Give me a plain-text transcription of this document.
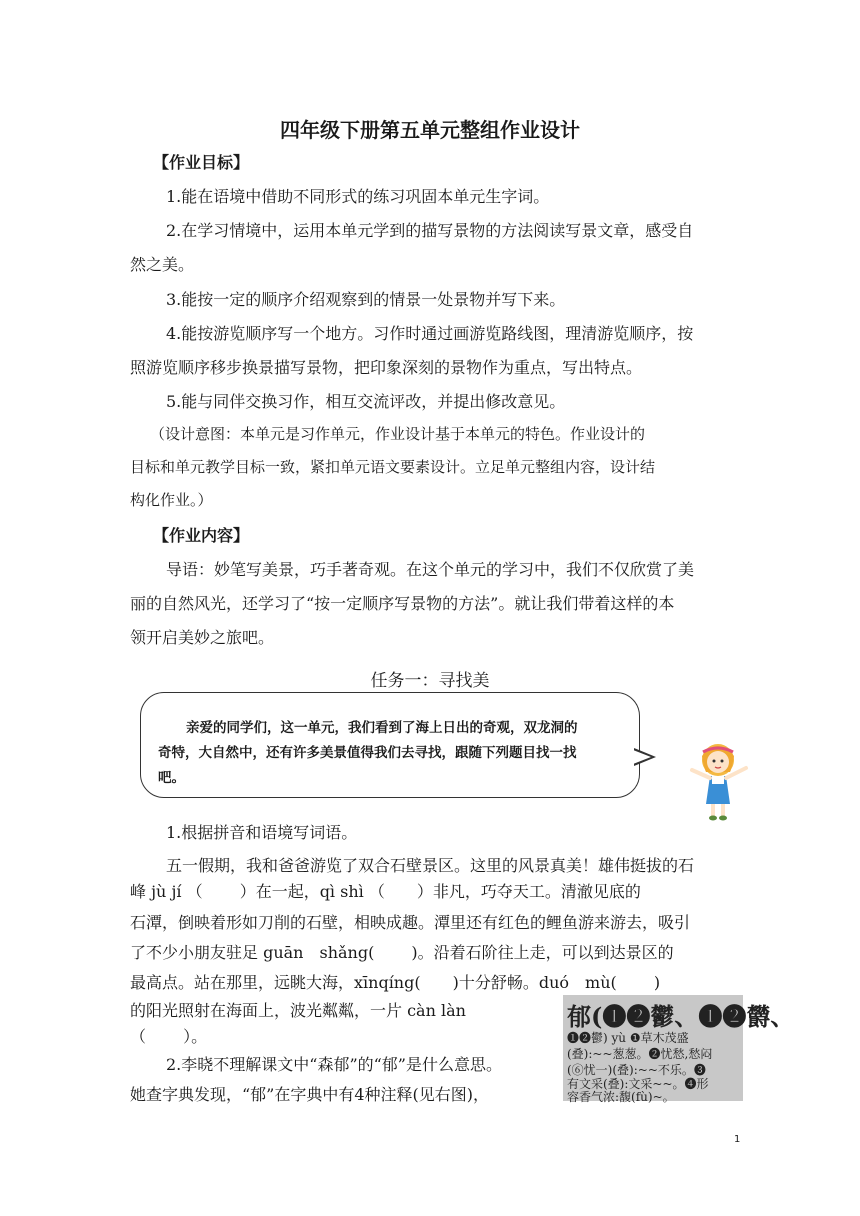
四年级下册第五单元整组作业设计
【作业目标】
1.能在语境中借助不同形式的练习巩固本单元生字词。
2.在学习情境中，运用本单元学到的描写景物的方法阅读写景文章，感受自
然之美。
3.能按一定的顺序介绍观察到的情景一处景物并写下来。
4.能按游览顺序写一个地方。习作时通过画游览路线图，理清游览顺序，按
照游览顺序移步换景描写景物，把印象深刻的景物作为重点，写出特点。
5.能与同伴交换习作，相互交流评改，并提出修改意见。
（设计意图：本单元是习作单元，作业设计基于本单元的特色。作业设计的
目标和单元教学目标一致，紧扣单元语文要素设计。立足单元整组内容，设计结
构化作业。）
【作业内容】
导语：妙笔写美景，巧手著奇观。在这个单元的学习中，我们不仅欣赏了美
丽的自然风光，还学习了“按一定顺序写景物的方法”。就让我们带着这样的本
领开启美妙之旅吧。
任务一：寻找美
亲爱的同学们，这一单元，我们看到了海上日出的奇观，双龙洞的
奇特，大自然中，还有许多美景值得我们去寻找，跟随下列题目找一找
吧。
1.根据拼音和语境写词语。
五一假期，我和爸爸游览了双合石壁景区。这里的风景真美！雄伟挺拔的石
峰 jù jí （　　 ）在一起，qì shì （　　）非凡，巧夺天工。清澈见底的
石潭，倒映着形如刀削的石壁，相映成趣。潭里还有红色的鲤鱼游来游去，吸引
了不少小朋友驻足 guān　shǎng(　　 )。沿着石阶往上走，可以到达景区的
最高点。站在那里，远眺大海，xīnqíng(　　)十分舒畅。duó　mù(　　 )
的阳光照射在海面上，波光粼粼，一片 càn làn
（　　 ）。
2.李晓不理解课文中“森郁”的“郁”是什么意思。
她查字典发现，“郁”在字典中有4种注释(见右图)，
郁(❶❷鬱、❶❷欝、
❶❷鬱) yù ❶草木茂盛
(叠):~~葱葱。❷忧愁,愁闷
(⑥忧一)(叠):~~不乐。❸
有文采(叠):文采~~。❹形
容香气浓:馥(fù)~。
1
